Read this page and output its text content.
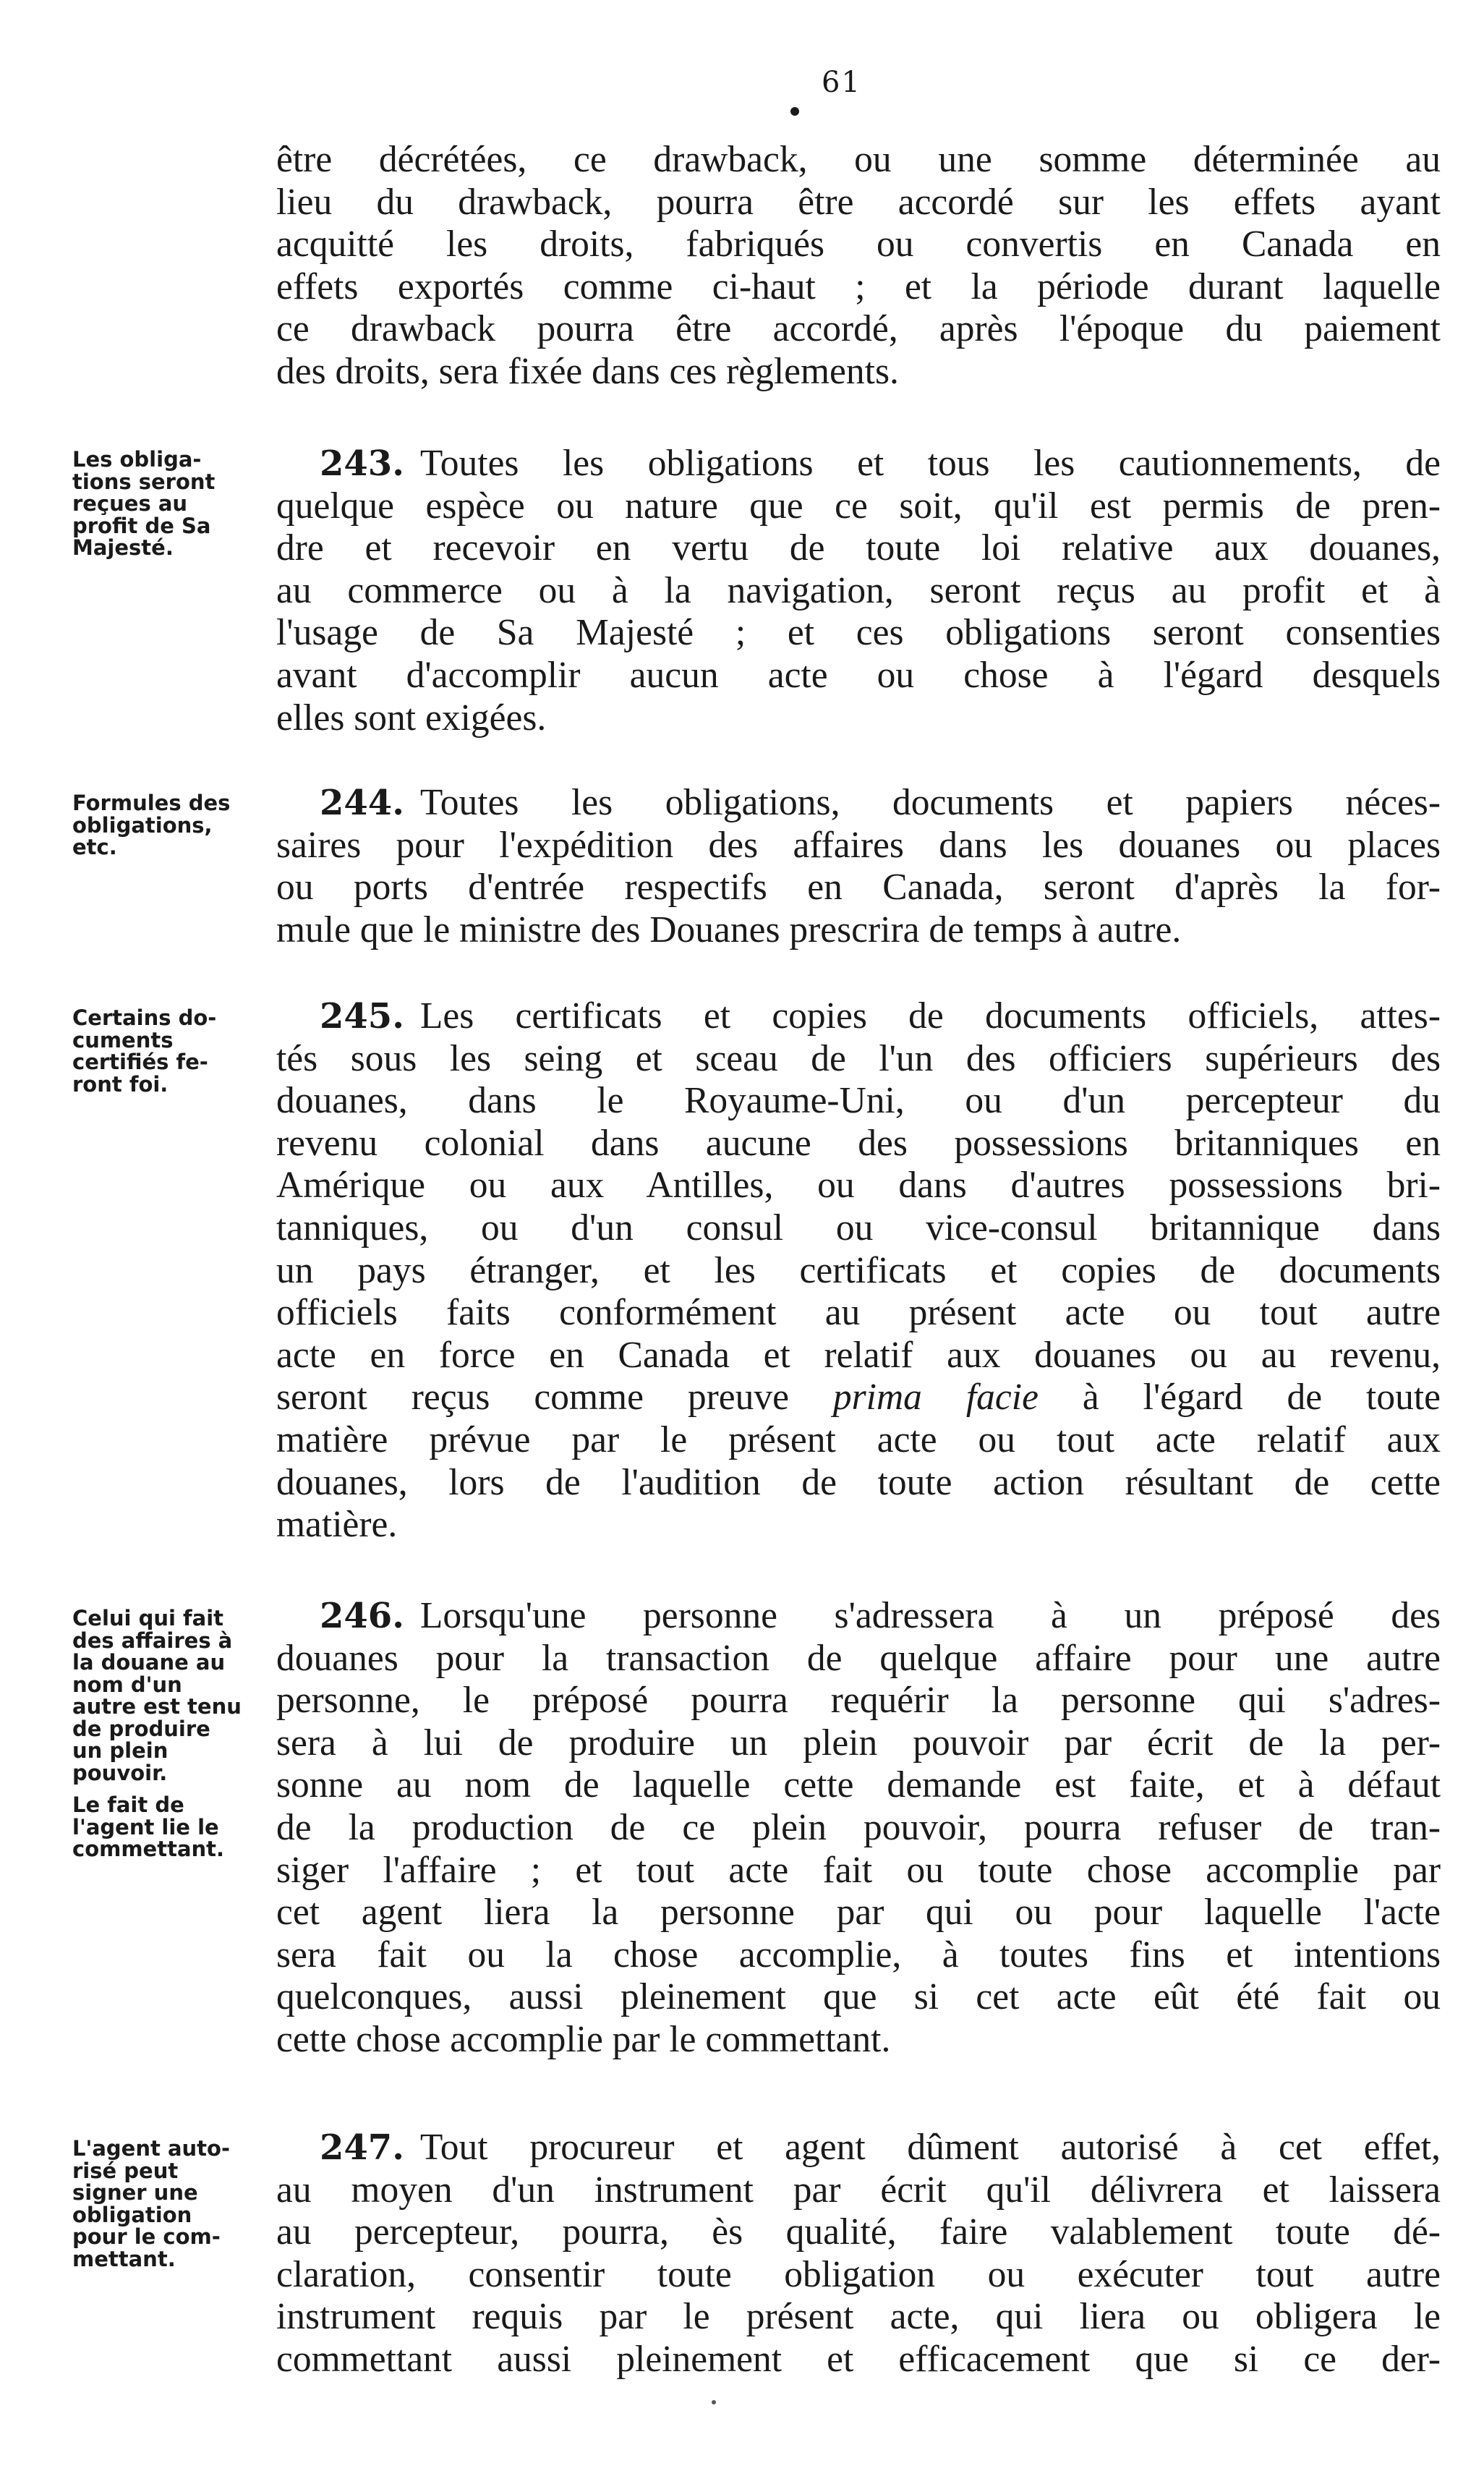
61
être décrétées, ce drawback, ou une somme déterminée au
lieu du drawback, pourra être accordé sur les effets ayant
acquitté les droits, fabriqués ou convertis en Canada en
effets exportés comme ci-haut ; et la période durant laquelle
ce drawback pourra être accordé, après l'époque du paiement
des droits, sera fixée dans ces règlements.
Les obliga-
tions seront
reçues au
profit de Sa
Majesté.
243. Toutes les obligations et tous les cautionnements, de
quelque espèce ou nature que ce soit, qu'il est permis de pren-
dre et recevoir en vertu de toute loi relative aux douanes,
au commerce ou à la navigation, seront reçus au profit et à
l'usage de Sa Majesté ; et ces obligations seront consenties
avant d'accomplir aucun acte ou chose à l'égard desquels
elles sont exigées.
Formules des
obligations,
etc.
244. Toutes les obligations, documents et papiers néces-
saires pour l'expédition des affaires dans les douanes ou places
ou ports d'entrée respectifs en Canada, seront d'après la for-
mule que le ministre des Douanes prescrira de temps à autre.
Certains do-
cuments
certifiés fe-
ront foi.
245. Les certificats et copies de documents officiels, attes-
tés sous les seing et sceau de l'un des officiers supérieurs des
douanes, dans le Royaume-Uni, ou d'un percepteur du
revenu colonial dans aucune des possessions britanniques en
Amérique ou aux Antilles, ou dans d'autres possessions bri-
tanniques, ou d'un consul ou vice-consul britannique dans
un pays étranger, et les certificats et copies de documents
officiels faits conformément au présent acte ou tout autre
acte en force en Canada et relatif aux douanes ou au revenu,
seront reçus comme preuve prima facie à l'égard de toute
matière prévue par le présent acte ou tout acte relatif aux
douanes, lors de l'audition de toute action résultant de cette
matière.
Celui qui fait
des affaires à
la douane au
nom d'un
autre est tenu
de produire
un plein
pouvoir.
Le fait de
l'agent lie le
commettant.
246. Lorsqu'une personne s'adressera à un préposé des
douanes pour la transaction de quelque affaire pour une autre
personne, le préposé pourra requérir la personne qui s'adres-
sera à lui de produire un plein pouvoir par écrit de la per-
sonne au nom de laquelle cette demande est faite, et à défaut
de la production de ce plein pouvoir, pourra refuser de tran-
siger l'affaire ; et tout acte fait ou toute chose accomplie par
cet agent liera la personne par qui ou pour laquelle l'acte
sera fait ou la chose accomplie, à toutes fins et intentions
quelconques, aussi pleinement que si cet acte eût été fait ou
cette chose accomplie par le commettant.
L'agent auto-
risé peut
signer une
obligation
pour le com-
mettant.
247. Tout procureur et agent dûment autorisé à cet effet,
au moyen d'un instrument par écrit qu'il délivrera et laissera
au percepteur, pourra, ès qualité, faire valablement toute dé-
claration, consentir toute obligation ou exécuter tout autre
instrument requis par le présent acte, qui liera ou obligera le
commettant aussi pleinement et efficacement que si ce der-
